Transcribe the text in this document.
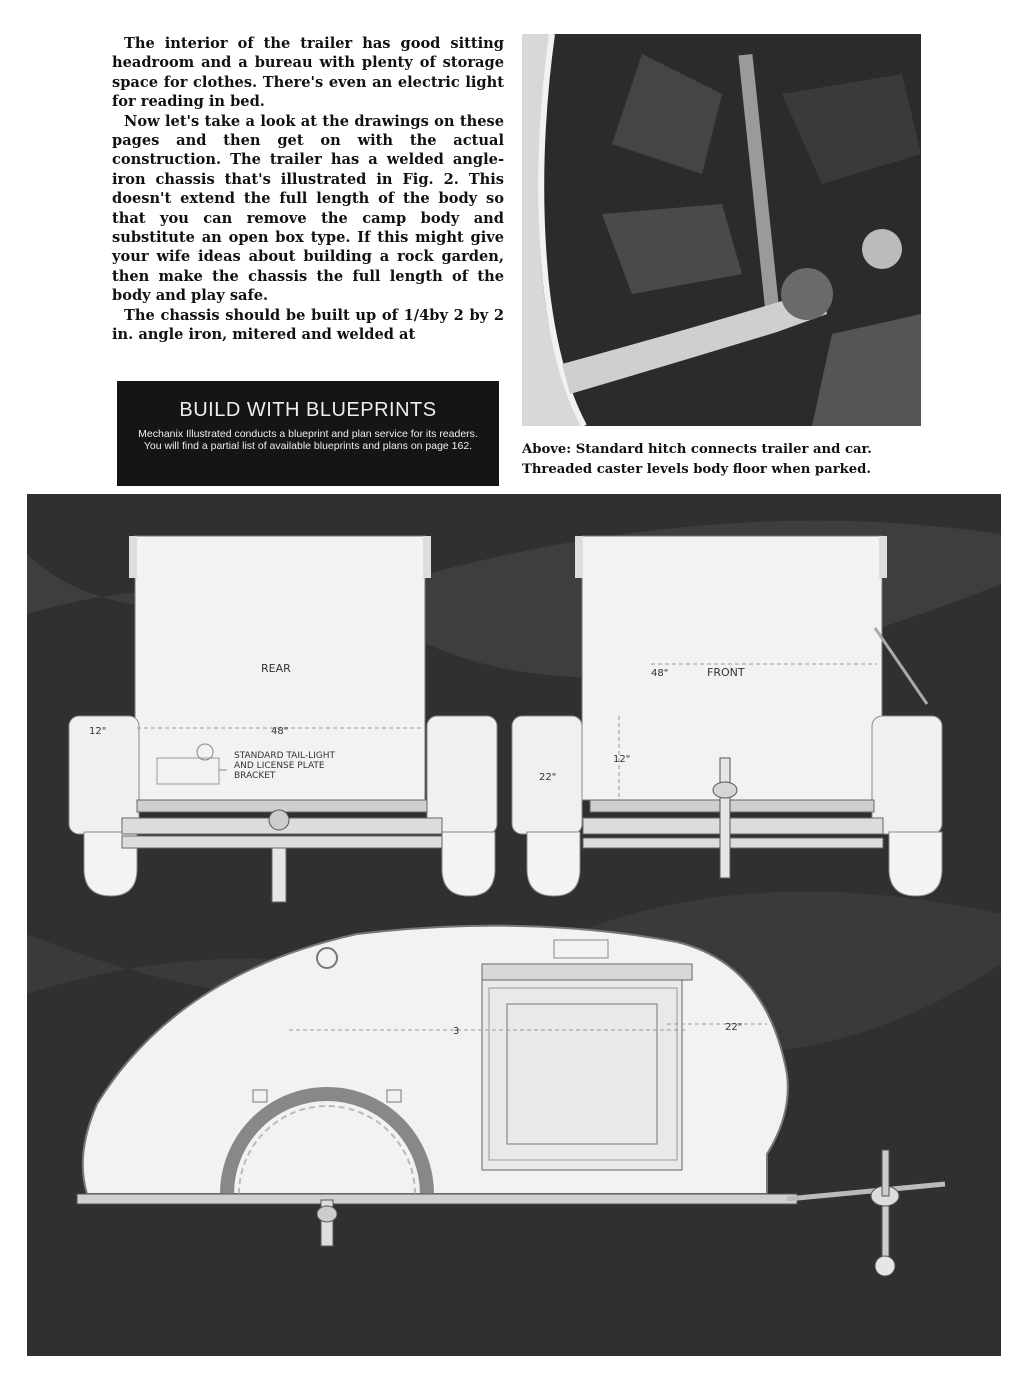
The interior of the trailer has good sitting headroom and a bureau with plenty of storage space for clothes. There's even an electric light for reading in bed.

Now let's take a look at the drawings on these pages and then get on with the actual construction. The trailer has a welded angle-iron chassis that's illustrated in Fig. 2. This doesn't extend the full length of the body so that you can remove the camp body and substitute an open box type. If this might give your wife ideas about building a rock garden, then make the chassis the full length of the body and play safe.

The chassis should be built up of 1/4by 2 by 2 in. angle iron, mitered and welded at

Above: Standard hitch connects trailer and car.
Threaded caster levels body floor when parked.
BUILD WITH BLUEPRINTS
Mechanix Illustrated conducts a blueprint and plan service for its readers. You will find a partial list of available blueprints and plans on page 162.
REAR
48"
12"
STANDARD TAIL-LIGHT
AND LICENSE PLATE
BRACKET
FRONT
48"
12"
22"
3	22"
